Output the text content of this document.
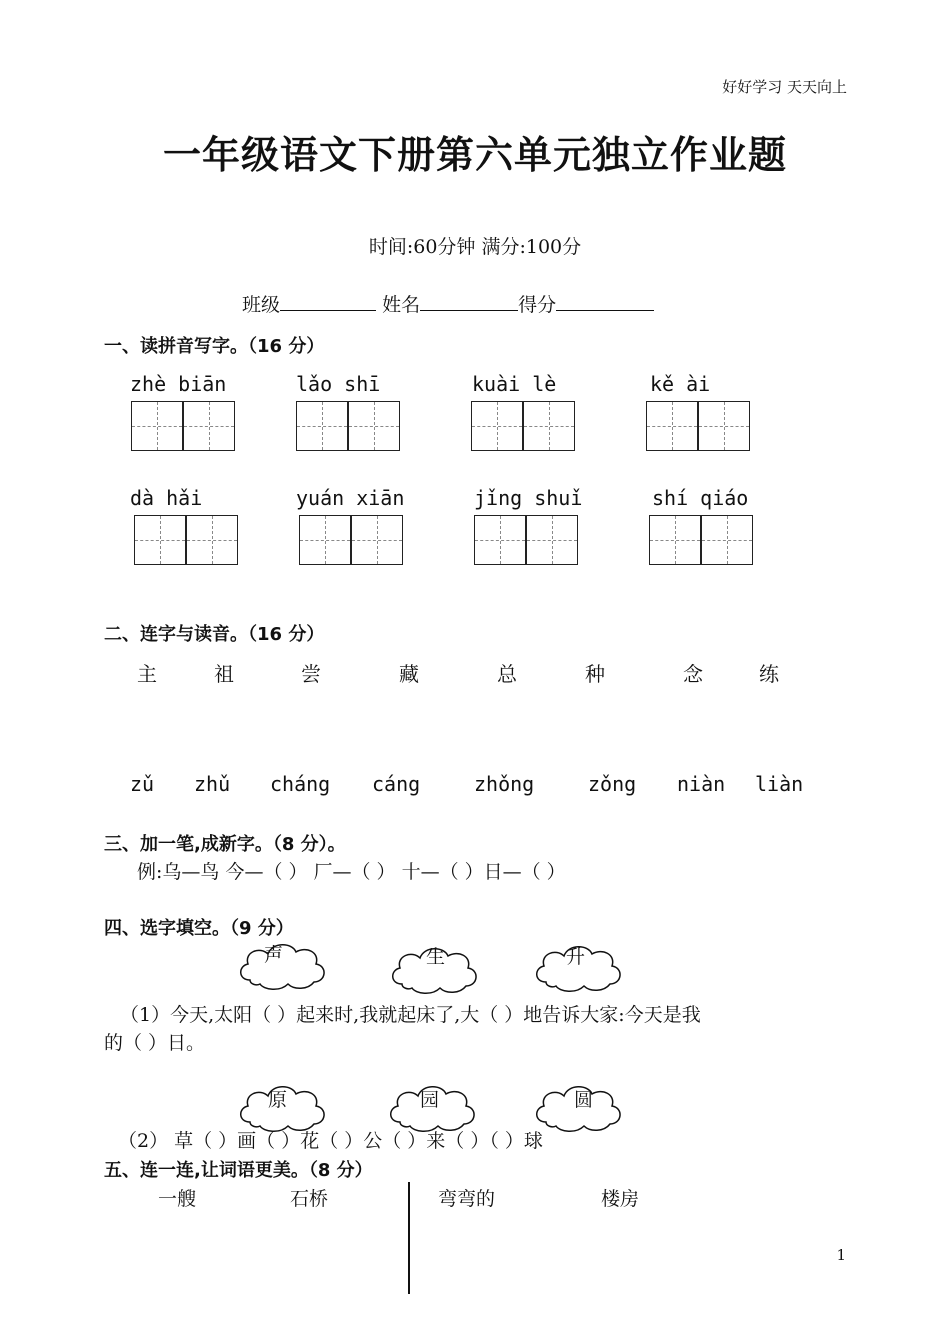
好好学习 天天向上
一年级语文下册第六单元独立作业题
时间:60分钟 满分:100分
班级	姓名	得分
一、读拼音写字。（16 分）
zhè biān	lǎo shī	kuài lè	kě ài
dà hǎi	yuán xiān	jǐng shuǐ	shí qiáo
二、连字与读音。（16 分）
主	祖	尝	藏	总	种	念	练
zǔ zhǔ cháng cáng	zhǒng	zǒng niàn liàn
三、加一笔,成新字。（8 分）。
例:乌—鸟 今—（ ） 厂—（ ） 十—（ ）日—（ ）
四、选字填空。（9 分）
声	生	升
（1）今天,太阳（ ）起来时,我就起床了,大（ ）地告诉大家:今天是我
的（ ）日。
原	园	圆
（2） 草（ ）画（ ）花（ ）公（ ）来（ ）（ ）球
五、连一连,让词语更美。（8 分）
一艘	石桥	弯弯的	楼房
1
